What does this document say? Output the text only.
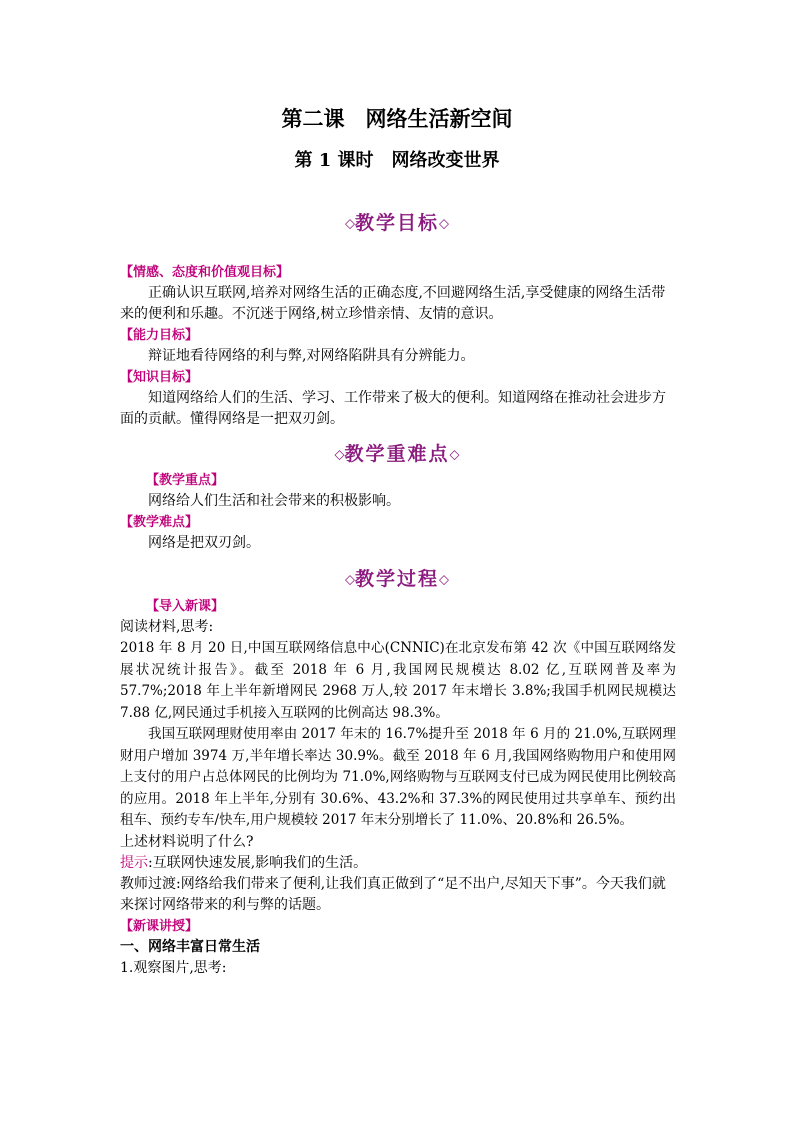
第二课　网络生活新空间
第 1 课时　网络改变世界
◇教学目标◇

【情感、态度和价值观目标】

正确认识互联网,培养对网络生活的正确态度,不回避网络生活,享受健康的网络生活带来的便利和乐趣。不沉迷于网络,树立珍惜亲情、友情的意识。

【能力目标】

辩证地看待网络的利与弊,对网络陷阱具有分辨能力。

【知识目标】

知道网络给人们的生活、学习、工作带来了极大的便利。知道网络在推动社会进步方面的贡献。懂得网络是一把双刃剑。

◇教学重难点◇

【教学重点】

网络给人们生活和社会带来的积极影响。

【教学难点】

网络是把双刃剑。

◇教学过程◇

【导入新课】

阅读材料,思考:

2018 年 8 月 20 日,中国互联网络信息中心(CNNIC)在北京发布第 42 次《中国互联网络发展状况统计报告》。截至 2018 年 6 月,我国网民规模达 8.02 亿,互联网普及率为 57.7%;2018 年上半年新增网民 2968 万人,较 2017 年末增长 3.8%;我国手机网民规模达 7.88 亿,网民通过手机接入互联网的比例高达 98.3%。

我国互联网理财使用率由 2017 年末的 16.7%提升至 2018 年 6 月的 21.0%,互联网理财用户增加 3974 万,半年增长率达 30.9%。截至 2018 年 6 月,我国网络购物用户和使用网上支付的用户占总体网民的比例均为 71.0%,网络购物与互联网支付已成为网民使用比例较高的应用。2018 年上半年,分别有 30.6%、43.2%和 37.3%的网民使用过共享单车、预约出租车、预约专车/快车,用户规模较 2017 年末分别增长了 11.0%、20.8%和 26.5%。

上述材料说明了什么?

提示:互联网快速发展,影响我们的生活。

教师过渡:网络给我们带来了便利,让我们真正做到了“足不出户,尽知天下事”。今天我们就来探讨网络带来的利与弊的话题。

【新课讲授】

一、网络丰富日常生活

1.观察图片,思考:
